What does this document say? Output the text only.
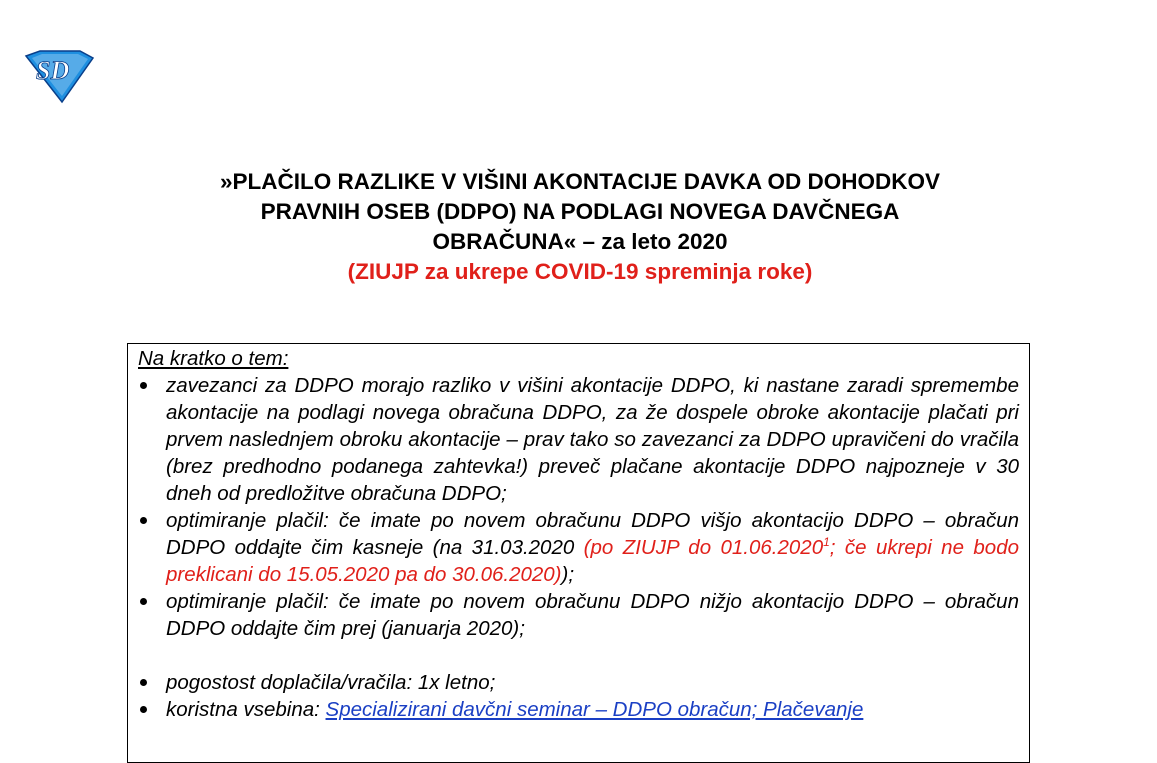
SD
»PLAČILO RAZLIKE V VIŠINI AKONTACIJE DAVKA OD DOHODKOV
PRAVNIH OSEB (DDPO) NA PODLAGI NOVEGA DAVČNEGA
OBRAČUNA« – za leto 2020
(ZIUJP za ukrepe COVID-19 spreminja roke)
Na kratko o tem:
zavezanci za DDPO morajo razliko v višini akontacije DDPO, ki nastane zaradi spremembe akontacije na podlagi novega obračuna DDPO, za že dospele obroke akontacije plačati pri prvem naslednjem obroku akontacije – prav tako so zavezanci za DDPO upravičeni do vračila (brez predhodno podanega zahtevka!) preveč plačane akontacije DDPO najpozneje v 30 dneh od predložitve obračuna DDPO;
optimiranje plačil: če imate po novem obračunu DDPO višjo akontacijo DDPO – obračun DDPO oddajte čim kasneje (na 31.03.2020 (po ZIUJP do 01.06.2020$^1$; če ukrepi ne bodo preklicani do 15.05.2020 pa do 30.06.2020));
optimiranje plačil: če imate po novem obračunu DDPO nižjo akontacijo DDPO – obračun DDPO oddajte čim prej (januarja 2020);
pogostost doplačila/vračila: 1x letno;
koristna vsebina: Specializirani davčni seminar – DDPO obračun; Plačevanje
